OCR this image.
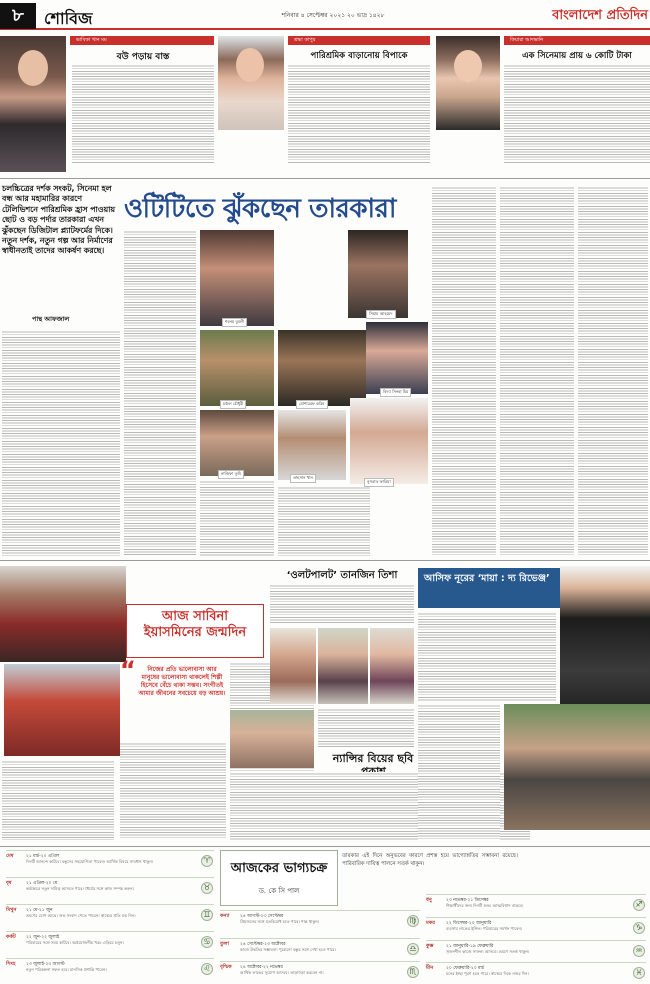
৮	শোবিজ	শনিবার ৪ সেপ্টেম্বর ২০২১ ২০ ভাদ্র ১৪২৮	বাংলাদেশ প্রতিদিন
ভাবিকা খান মম
বউ পড়ায় বাস্ত
শ্রদ্ধা কাপুর
পারিশ্রমিক বাড়ানোয় বিপাকে
কিয়ারা আদভানি
এক সিনেমায় প্রায় ৬ কোটি টাকা
চলচ্চিত্রের দর্শক সংকট, সিনেমা হল বন্ধ আর মহামারির কারণে টেলিভিশনে পারিশ্রমিক হ্রাস পাওয়ায় ছোট ও বড় পর্দার তারকারা এখন ঝুঁকছেন ডিজিটাল প্ল্যাটফর্মের দিকে। নতুন দর্শক, নতুন গল্প আর নির্মাণের স্বাধীনতাই তাদের আকর্ষণ করছে।
পান্থ আফজাল
ওটিটিতে ঝুঁকছেন তারকারা
শবনম বুবলী
সিয়াম আহমেদ
চঞ্চল চৌধুরী	মোশাররফ করিম
বিদ্যা সিনহা মিম
নুসরাত ফারিয়া
তাহসান খান
নাজিফা তুষি
আজ সাবিনা ইয়াসমিনের জন্মদিন
“	নিজের প্রতি ভালোবাসা আর মানুষের ভালোবাসা থাকলেই শিল্পী হিসেবে বেঁচে থাকা সম্ভব। সংগীতই আমার জীবনের সবচেয়ে বড় আশ্রয়।
‘ওলটপালট’ তানজিন তিশা
ন্যান্সির বিয়ের ছবি
আসিফ নূরের ‘মায়া : দ্য রিভেঞ্জ’
আজকের ভাগ্যচক্র
ড. কে সি পাল
তারকার এই দিনে অনুভবের কারণে প্রশস্ত হয়ে ভাগ্যোন্নতির সম্ভাবনা রয়েছে। পারিবারিক দায়িত্ব পালনে সতর্ক থাকুন।
মেষ	২১ মার্চ-২০ এপ্রিল
দিনটি আনন্দে কাটবে। বন্ধুদের সহযোগিতা পাবেন। আর্থিক বিষয়ে সাবধান থাকুন।	♈
বৃষ	২১ এপ্রিল-২০ মে
কর্মক্ষেত্রে নতুন দায়িত্ব আসতে পারে। ধৈর্যের সঙ্গে কাজ সম্পন্ন করুন।	♉
মিথুন ২১ মে-২১ জুন
ভ্রমণের যোগ আছে। শুভ সংবাদ পেতে পারেন। স্বাস্থ্যের প্রতি যত্ন নিন।	♊
কর্কট ২২ জুন-২২ জুলাই
পরিবারের সঙ্গে সময় কাটবে। অপ্রয়োজনীয় খরচ এড়িয়ে চলুন।	♋
সিংহ ২৩ জুলাই-২৩ আগস্ট
নতুন পরিকল্পনা সফল হবে। মানসিক প্রশান্তি পাবেন।	♌
কন্যা ২৪ আগস্ট-২৩ সেপ্টেম্বর
প্রিয়জনের সঙ্গে মতবিরোধ হতে পারে। শান্ত থাকুন।	♍
তুলা	২৪ সেপ্টেম্বর-২৩ অক্টোবর
কাজে উন্নতির সম্ভাবনা। পুরোনো বন্ধুর সঙ্গে দেখা হতে পারে।	♎
বৃশ্চিক ২৪ অক্টোবর-২২ নভেম্বর
আর্থিক লাভের সুযোগ আসবে। তাড়াহুড়া করবেন না।	♏
ধনু	২৩ নভেম্বর-২১ ডিসেম্বর
শিক্ষার্থীদের জন্য দিনটি শুভ। আত্মবিশ্বাস বাড়বে।	♐
মকর ২২ ডিসেম্বর-২০ জানুয়ারি
ব্যবসায় লাভের ইঙ্গিত। পরিবারের সমর্থন পাবেন।	♑
কুম্ভ	২১ জানুয়ারি-১৯ ফেব্রুয়ারি
সৃজনশীল কাজে সাফল্য আসবে। ভ্রমণে সতর্ক থাকুন।	♒
মীন	২০ ফেব্রুয়ারি-২০ মার্চ
মনের ইচ্ছা পূরণ হতে পারে। স্বাস্থ্যের দিকে নজর দিন।	♓
